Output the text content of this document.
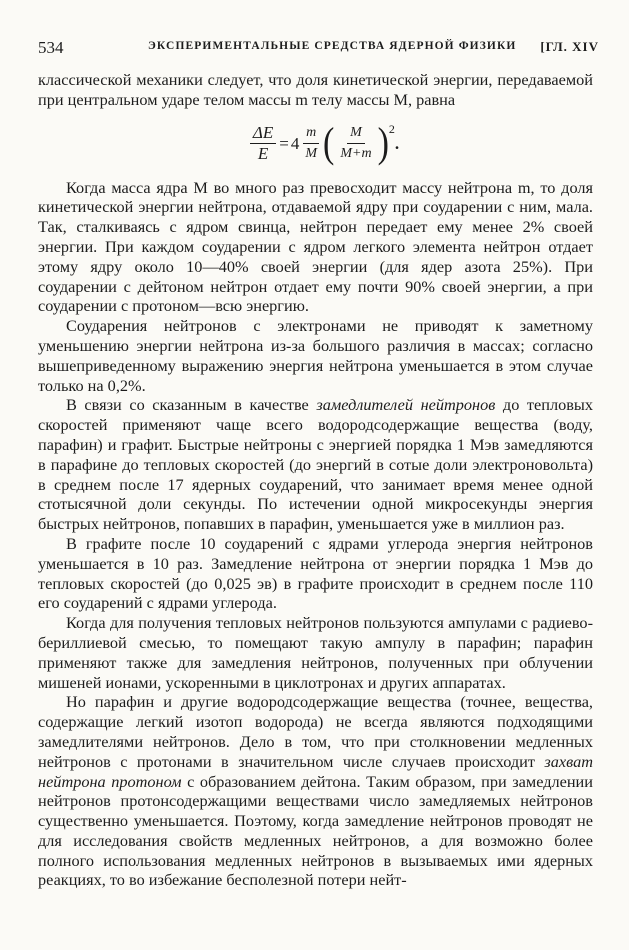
534	ЭКСПЕРИМЕНТАЛЬНЫЕ СРЕДСТВА ЯДЕРНОЙ ФИЗИКИ [ГЛ. XIV

классической механики следует, что доля кинетической энергии, передаваемой при центральном ударе телом массы m телу массы M, равна

$\frac{\Delta E}{E} = 4 \frac{m}{M}$ ( $\frac{M}{M+m} )^2$
.

Когда масса ядра M во много раз превосходит массу нейтрона m, то доля кинетической энергии нейтрона, отдаваемой ядру при соударении с ним, мала. Так, сталкиваясь с ядром свинца, нейтрон передает ему менее 2% своей энергии. При каждом соударении с ядром легкого элемента нейтрон отдает этому ядру около 10—40% своей энергии (для ядер азота 25%). При соударении с дейтоном нейтрон отдает ему почти 90% своей энергии, а при соударении с протоном—всю энергию.

Соударения нейтронов с электронами не приводят к заметному уменьшению энергии нейтрона из-за большого различия в массах; согласно вышеприведенному выражению энергия нейтрона уменьшается в этом случае только на 0,2%.

В связи со сказанным в качестве замедлителей нейтронов до тепловых скоростей применяют чаще всего водородсодержащие вещества (воду, парафин) и графит. Быстрые нейтроны с энергией порядка 1 Мэв замедляются в парафине до тепловых скоростей (до энергий в сотые доли электроновольта) в среднем после 17 ядерных соударений, что занимает время менее одной стотысячной доли секунды. По истечении одной микросекунды энергия быстрых нейтронов, попавших в парафин, уменьшается уже в миллион раз.

В графите после 10 соударений с ядрами углерода энергия нейтронов уменьшается в 10 раз. Замедление нейтрона от энергии порядка 1 Мэв до тепловых скоростей (до 0,025 эв) в графите происходит в среднем после 110 его соударений с ядрами углерода.

Когда для получения тепловых нейтронов пользуются ампулами с радиево-бериллиевой смесью, то помещают такую ампулу в парафин; парафин применяют также для замедления нейтронов, полученных при облучении мишеней ионами, ускоренными в циклотронах и других аппаратах.

Но парафин и другие водородсодержащие вещества (точнее, вещества, содержащие легкий изотоп водорода) не всегда являются подходящими замедлителями нейтронов. Дело в том, что при столкновении медленных нейтронов с протонами в значительном числе случаев происходит захват нейтрона протоном с образованием дейтона. Таким образом, при замедлении нейтронов протонсодержащими веществами число замедляемых нейтронов существенно уменьшается. Поэтому, когда замедление нейтронов проводят не для исследования свойств медленных нейтронов, а для возможно более полного использования медленных нейтронов в вызываемых ими ядерных реакциях, то во избежание бесполезной потери нейт-
